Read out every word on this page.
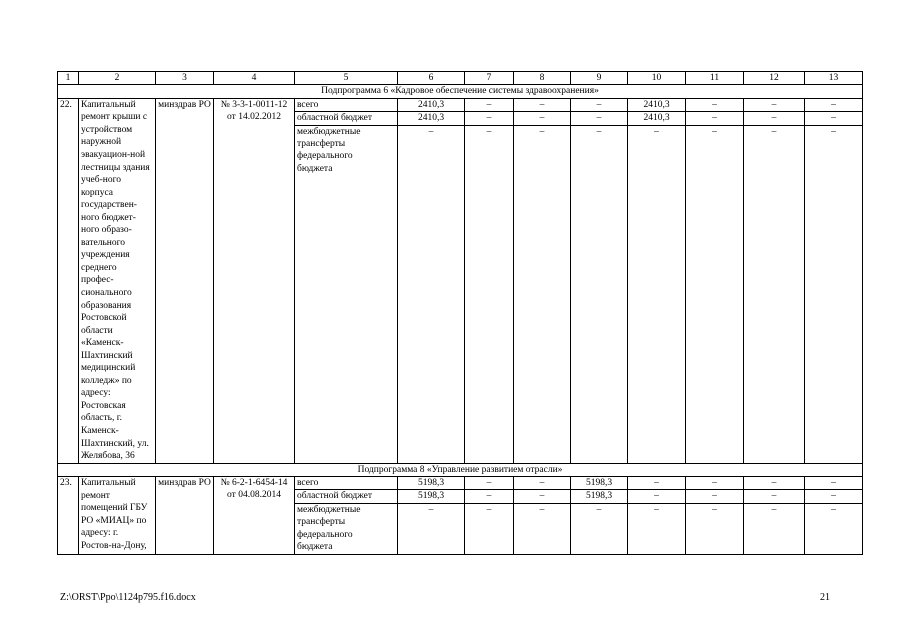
1	2	3	4	5	6	7	8	9	10	11	12	13
Подпрограмма 6 «Кадровое обеспечение системы здравоохранения»												
22.	Капитальный ремонт крыши с устройством наружной эвакуацион-ной лестницы здания учеб-ного корпуса государствен-ного бюджет-ного образо-вательного учреждения среднего профес-сионального образования Ростовской области «Каменск-Шахтинский медицинский колледж» по адресу: Ростовская область, г. Каменск-Шахтинский, ул. Желябова, 36	минздрав РО	№ 3-3-1-0011-12 от 14.02.2012	всего	2410,3	–	–	–	2410,3	–	–	–
				областной бюджет	2410,3	–	–	–	2410,3	–	–	–

				межбюджетные трансферты федерального бюджета	–	–	–	–	–	–	–	–
Подпрограмма 8 «Управление развитием отрасли»												
23.	Капитальный ремонт помещений ГБУ РО «МИАЦ» по адресу: г. Ростов-на-Дону,	минздрав РО	№ 6-2-1-6454-14 от 04.08.2014	всего	5198,3	–	–	5198,3	–	–	–	–
				областной бюджет	5198,3	–	–	5198,3	–	–	–	–

				межбюджетные трансферты федерального бюджета	–	–	–	–	–	–	–	–
Z:\ORST\Ppo\1124p795.f16.docx	21
